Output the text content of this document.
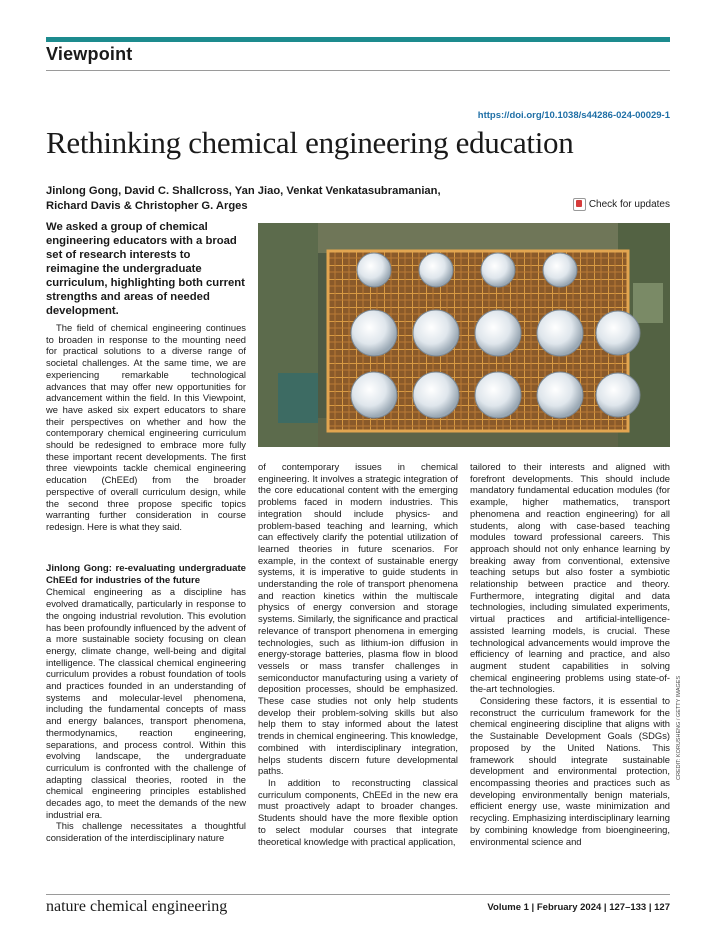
Viewpoint
https://doi.org/10.1038/s44286-024-00029-1
Rethinking chemical engineering education
Jinlong Gong, David C. Shallcross, Yan Jiao, Venkat Venkatasubramanian,
Richard Davis & Christopher G. Arges	Check for updates
We asked a group of chemical engineering educators with a broad set of research interests to reimagine the undergraduate curriculum, highlighting both current strengths and areas of needed development.

The field of chemical engineering continues to broaden in response to the mounting need for practical solutions to a diverse range of societal challenges. At the same time, we are experiencing remarkable technological advances that may offer new opportunities for advancement within the field. In this Viewpoint, we have asked six expert educators to share their perspectives on whether and how the contemporary chemical engineering curriculum should be redesigned to embrace more fully these important recent developments. The first three viewpoints tackle chemical engineering education (ChEEd) from the broader perspective of overall curriculum design, while the second three propose specific topics warranting further consideration in course redesign. Here is what they said.

Jinlong Gong: re-evaluating undergraduate ChEEd for industries of the future

Chemical engineering as a discipline has evolved dramatically, particularly in response to the ongoing industrial revolution. This evolution has been profoundly influenced by the advent of a more sustainable society focusing on clean energy, climate change, well-being and digital intelligence. The classical chemical engineering curriculum provides a robust foundation of tools and practices founded in an understanding of systems and molecular-level phenomena, including the fundamental concepts of mass and energy balances, transport phenomena, thermodynamics, reaction engineering, separations, and process control. Within this evolving landscape, the undergraduate curriculum is confronted with the challenge of adapting classical theories, rooted in the chemical engineering principles established decades ago, to meet the demands of the new industrial era.

This challenge necessitates a thoughtful consideration of the interdisciplinary nature

of contemporary issues in chemical engineering. It involves a strategic integration of the core educational content with the emerging problems faced in modern industries. This integration should include physics- and problem-based teaching and learning, which can effectively clarify the potential utilization of learned theories in future scenarios. For example, in the context of sustainable energy systems, it is imperative to guide students in understanding the role of transport phenomena and reaction kinetics within the multiscale physics of energy conversion and storage systems. Similarly, the significance and practical relevance of transport phenomena in emerging technologies, such as lithium-ion diffusion in energy-storage batteries, plasma flow in blood vessels or mass transfer challenges in semiconductor manufacturing using a variety of deposition processes, should be emphasized. These case studies not only help students develop their problem-solving skills but also help them to stay informed about the latest trends in chemical engineering. This knowledge, combined with interdisciplinary integration, helps students discern future developmental paths.

In addition to reconstructing classical curriculum components, ChEEd in the new era must proactively adapt to broader changes. Students should have the more flexible option to select modular courses that integrate theoretical knowledge with practical application,

tailored to their interests and aligned with forefront developments. This should include mandatory fundamental education modules (for example, higher mathematics, transport phenomena and reaction engineering) for all students, along with case-based teaching modules toward professional careers. This approach should not only enhance learning by breaking away from conventional, extensive teaching setups but also foster a symbiotic relationship between practice and theory. Furthermore, integrating digital and data technologies, including simulated experiments, virtual practices and artificial-intelligence-assisted learning models, is crucial. These technological advancements would improve the efficiency of learning and practice, and also augment student capabilities in solving chemical engineering problems using state-of-the-art technologies.

Considering these factors, it is essential to reconstruct the curriculum framework for the chemical engineering discipline that aligns with the Sustainable Development Goals (SDGs) proposed by the United Nations. This framework should integrate sustainable development and environmental protection, encompassing theories and practices such as developing environmentally benign materials, efficient energy use, waste minimization and recycling. Emphasizing interdisciplinary learning by combining knowledge from bioengineering, environmental science and

CREDIT: KORUSHENG / GETTY IMAGES
nature chemical engineering	Volume 1 | February 2024 | 127–133 | 127
